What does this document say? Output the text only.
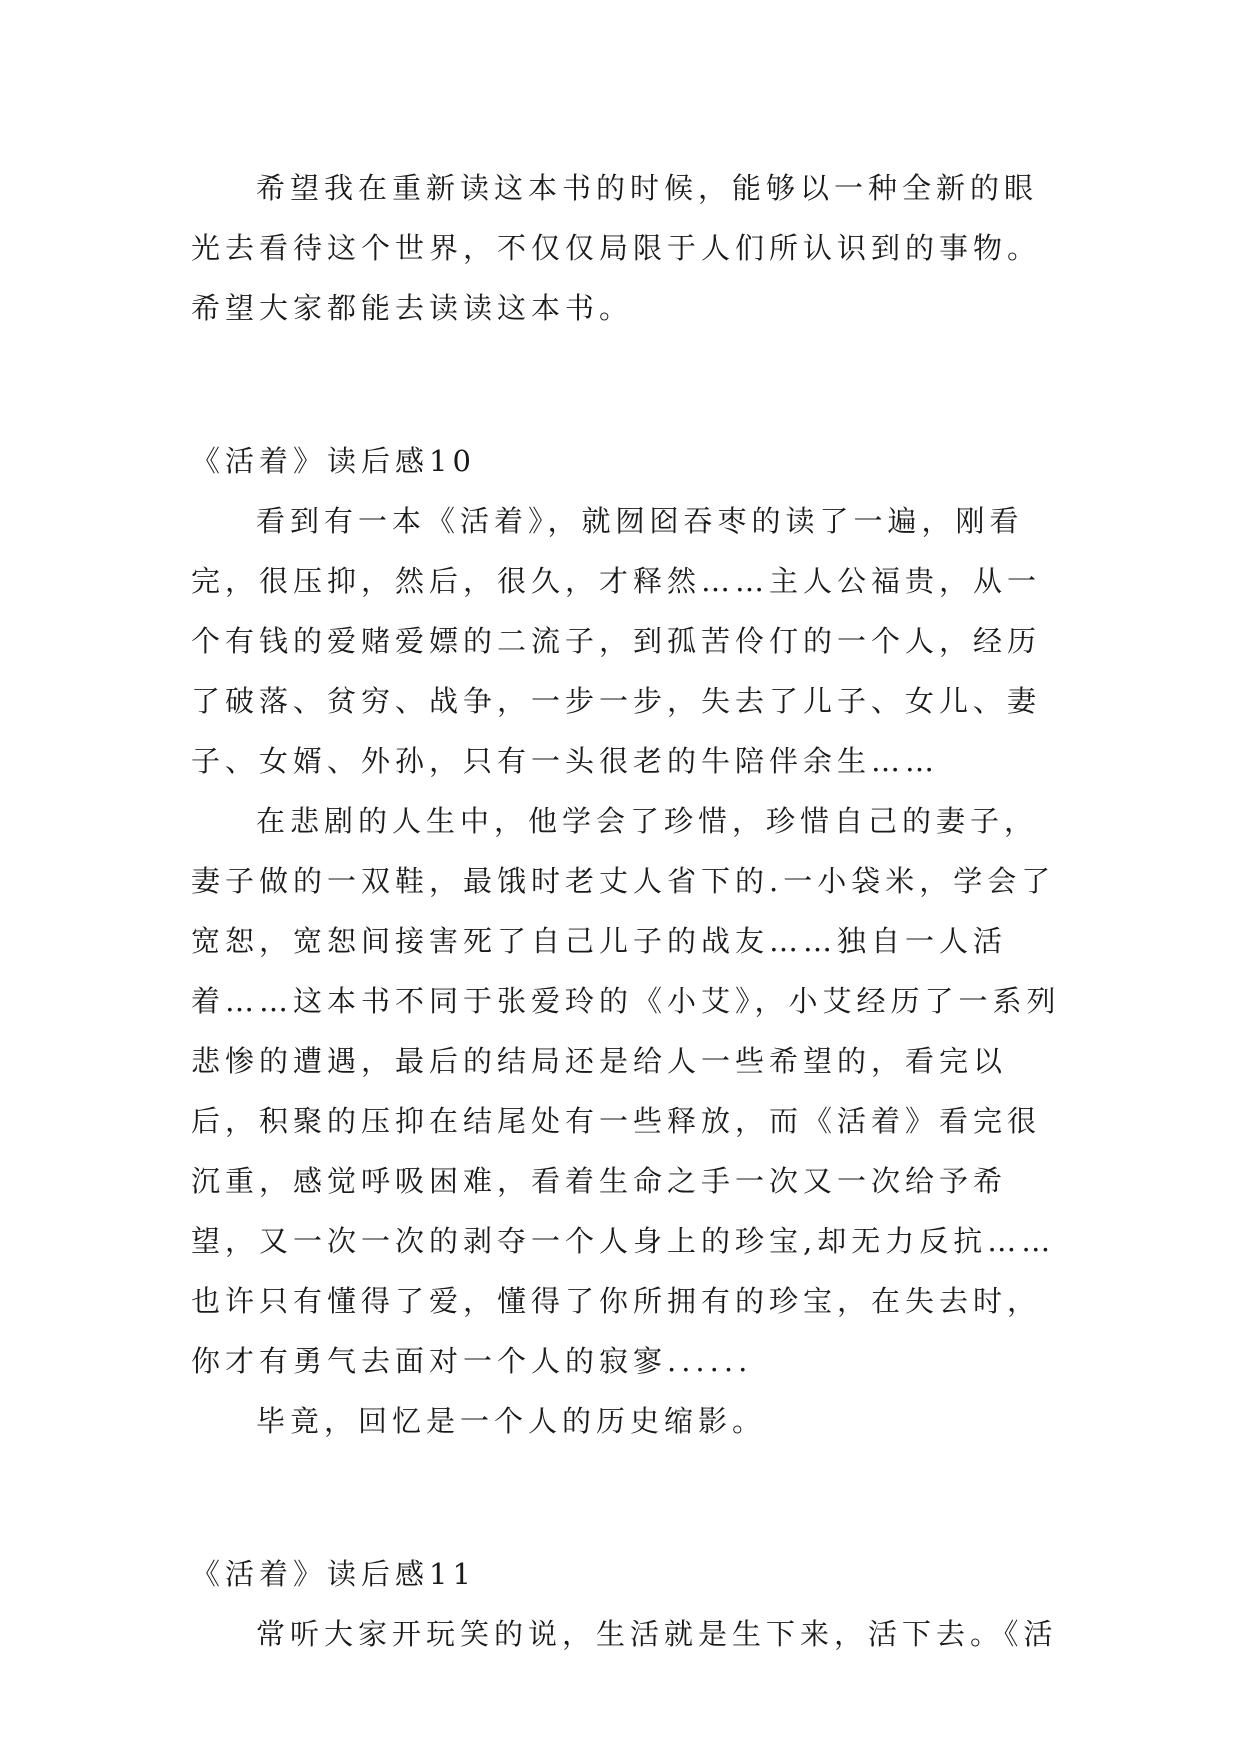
希望我在重新读这本书的时候，能够以一种全新的眼光去看待这个世界，不仅仅局限于人们所认识到的事物。希望大家都能去读读这本书。

《活着》读后感10

看到有一本《活着》，就囫囵吞枣的读了一遍，刚看完，很压抑，然后，很久，才释然……主人公福贵，从一个有钱的爱赌爱嫖的二流子，到孤苦伶仃的一个人，经历了破落、贫穷、战争，一步一步，失去了儿子、女儿、妻子、女婿、外孙，只有一头很老的牛陪伴余生……

在悲剧的人生中，他学会了珍惜，珍惜自己的妻子，妻子做的一双鞋，最饿时老丈人省下的.一小袋米，学会了宽恕，宽恕间接害死了自己儿子的战友……独自一人活着……这本书不同于张爱玲的《小艾》，小艾经历了一系列悲惨的遭遇，最后的结局还是给人一些希望的，看完以后，积聚的压抑在结尾处有一些释放，而《活着》看完很沉重，感觉呼吸困难，看着生命之手一次又一次给予希望，又一次一次的剥夺一个人身上的珍宝,却无力反抗……也许只有懂得了爱，懂得了你所拥有的珍宝，在失去时，你才有勇气去面对一个人的寂寥......

毕竟，回忆是一个人的历史缩影。

《活着》读后感11

常听大家开玩笑的说，生活就是生下来，活下去。《活
